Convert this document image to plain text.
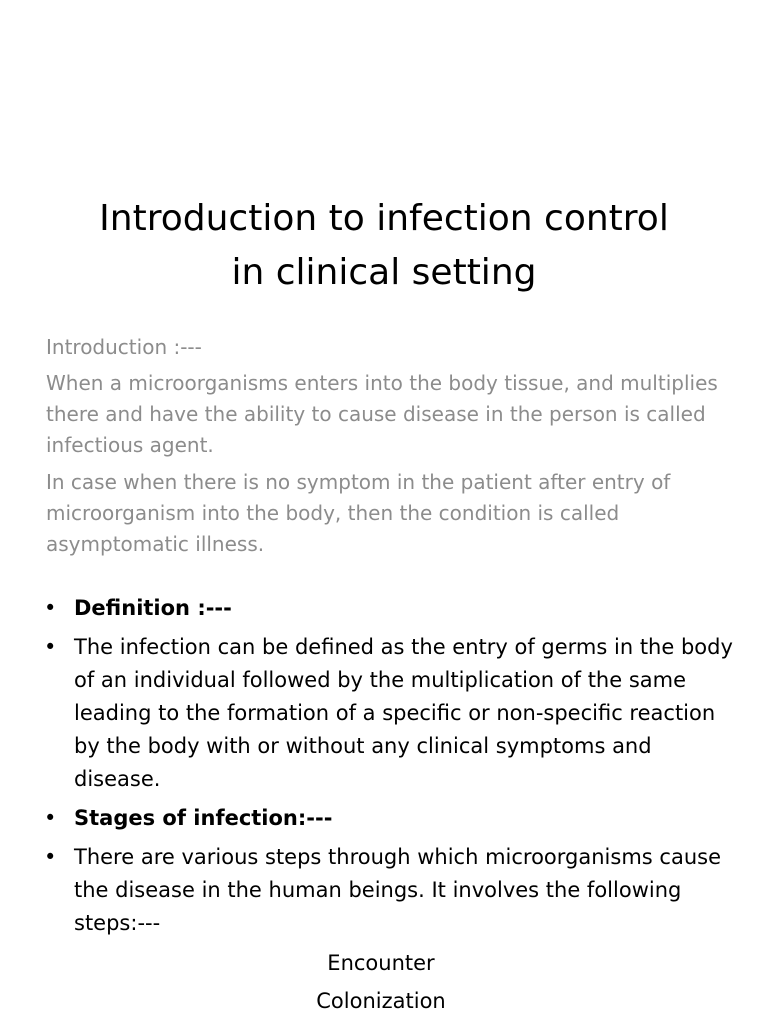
Introduction to infection control
in clinical setting

Introduction :---

When a microorganisms enters into the body tissue, and multiplies there and have the ability to cause disease in the person is called infectious agent.

In case when there is no symptom in the patient after entry of microorganism into the body, then the condition is called asymptomatic illness.

• Definition :---
• The infection can be defined as the entry of germs in the body of an individual followed by the multiplication of the same leading to the formation of a specific or non-specific reaction by the body with or without any clinical symptoms and disease.
• Stages of infection:---
• There are various steps through which microorganisms cause the disease in the human beings. It involves the following steps:---
Encounter
Colonization
